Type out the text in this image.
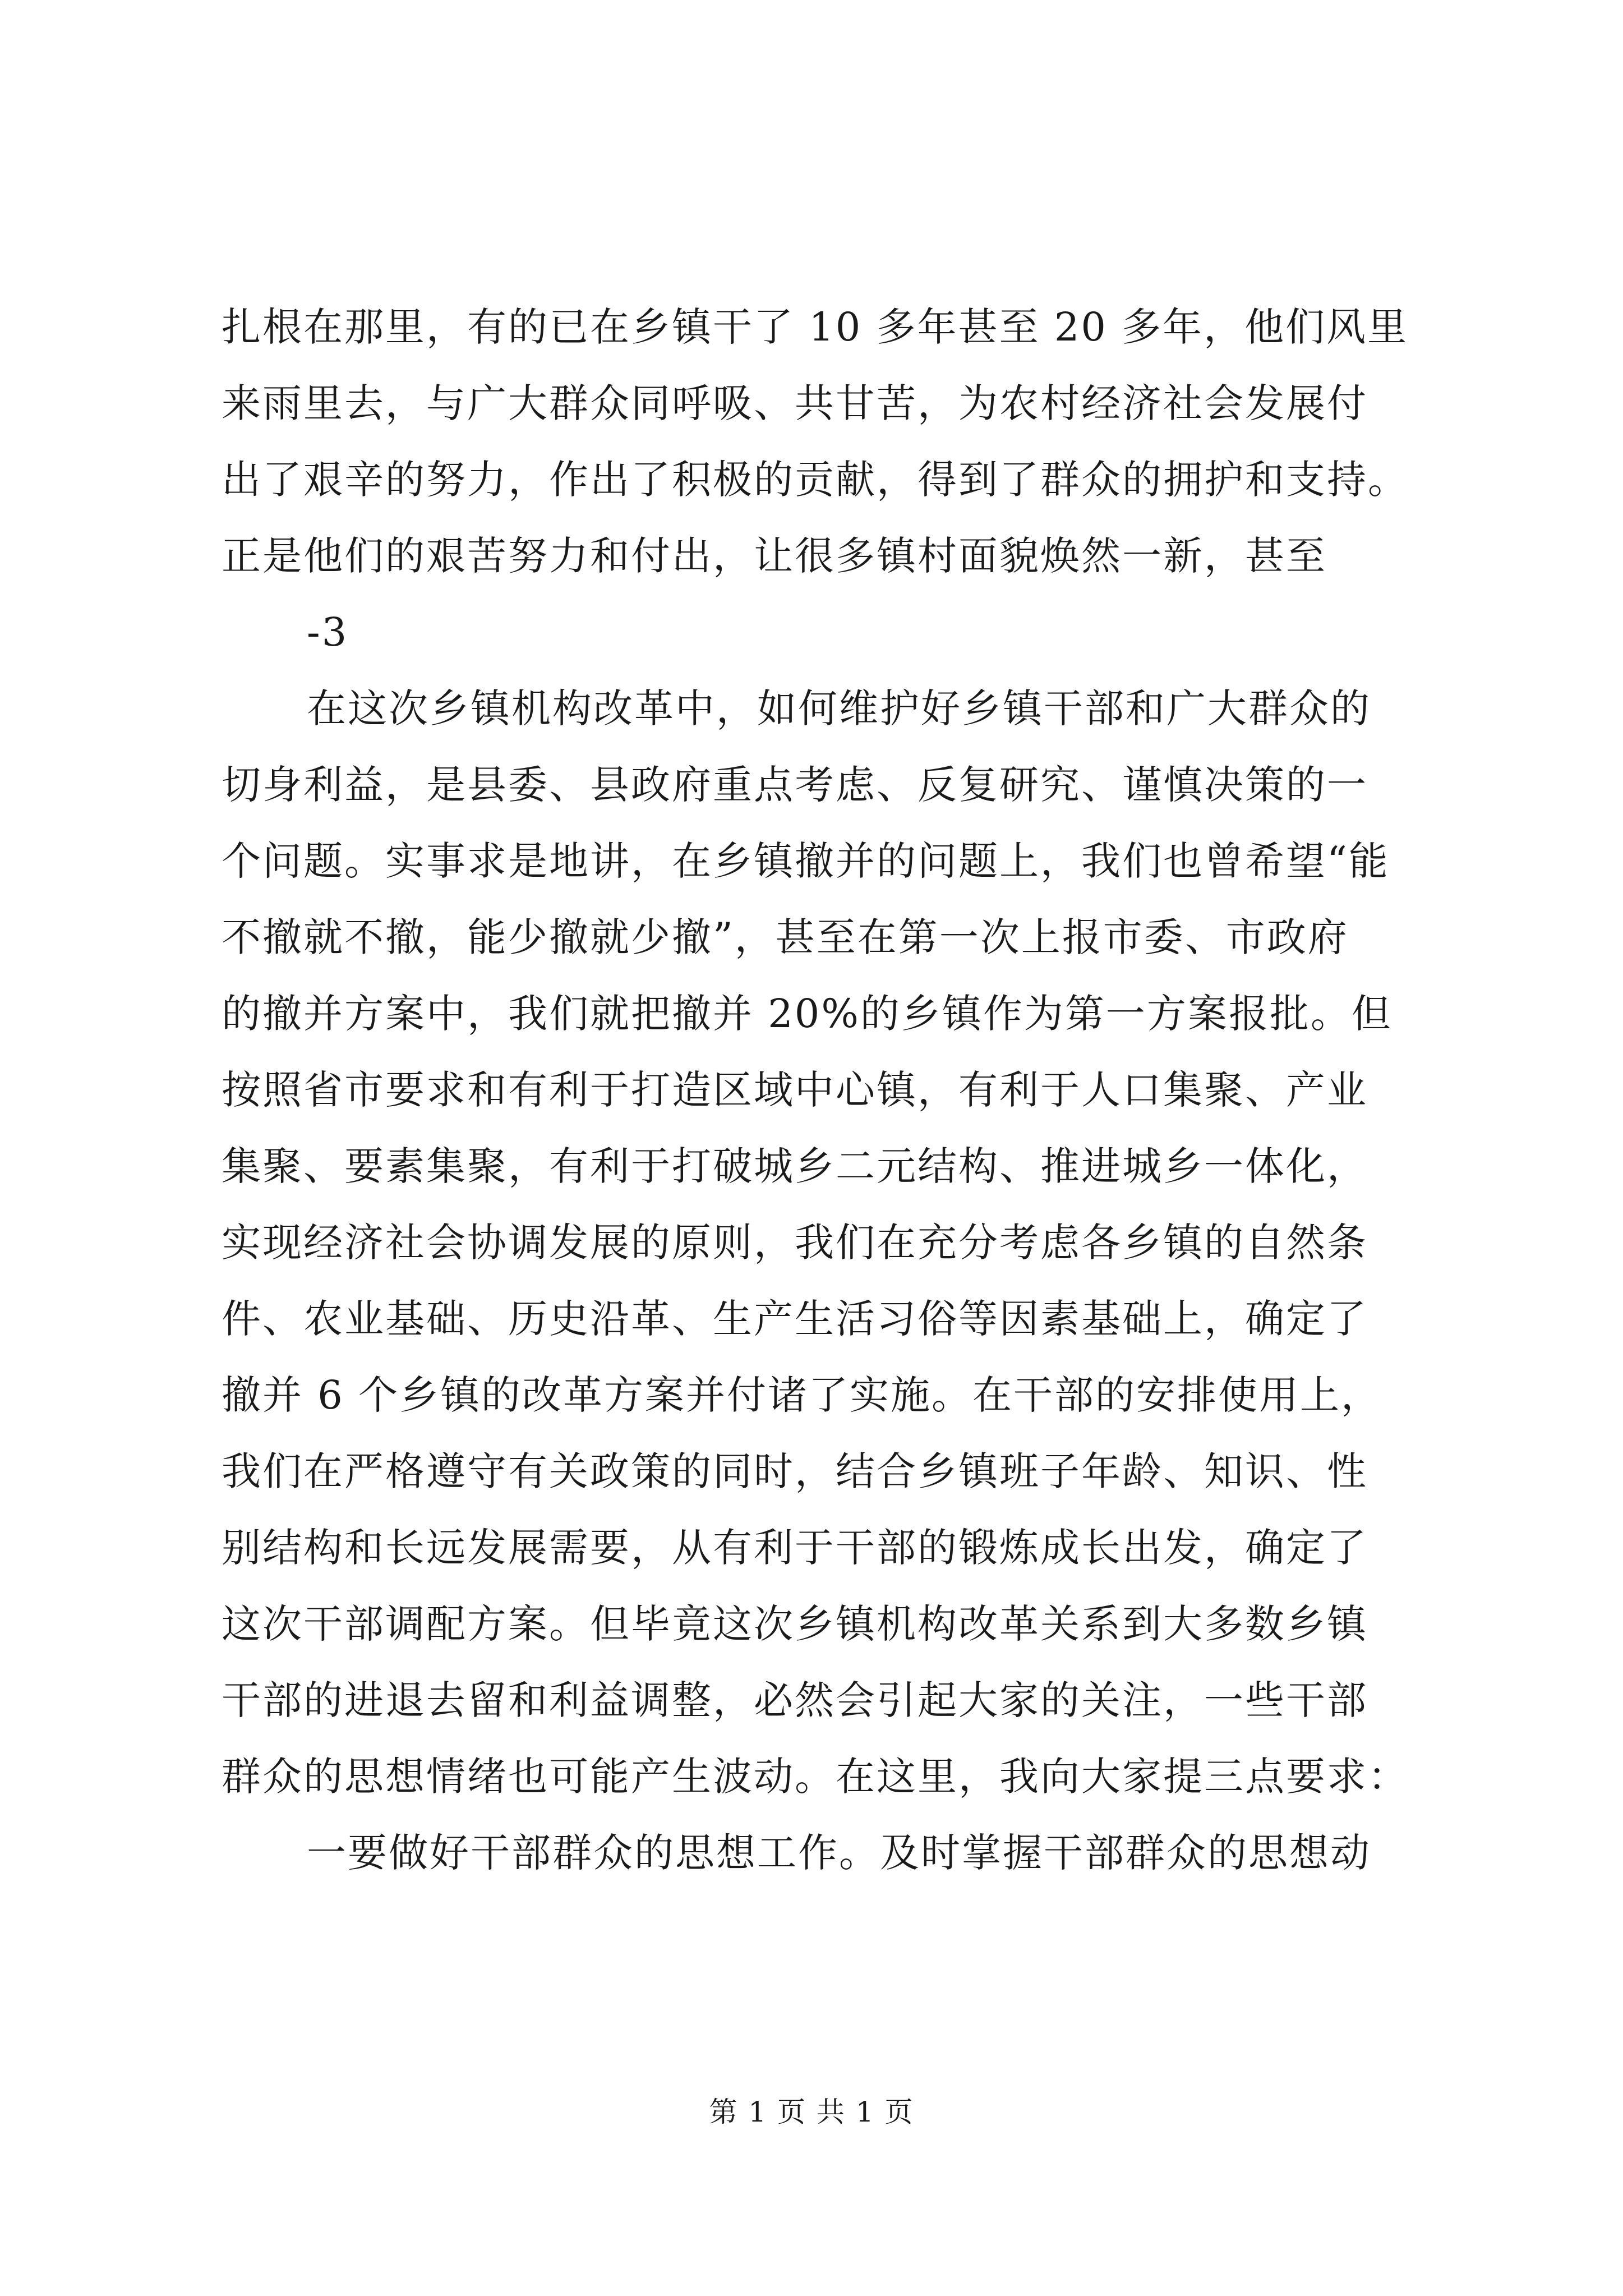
扎根在那里，有的已在乡镇干了 10 多年甚至 20 多年，他们风里
来雨里去，与广大群众同呼吸、共甘苦，为农村经济社会发展付
出了艰辛的努力，作出了积极的贡献，得到了群众的拥护和支持。
正是他们的艰苦努力和付出，让很多镇村面貌焕然一新，甚至
-3
在这次乡镇机构改革中，如何维护好乡镇干部和广大群众的
切身利益，是县委、县政府重点考虑、反复研究、谨慎决策的一
个问题。实事求是地讲，在乡镇撤并的问题上，我们也曾希望“能
不撤就不撤，能少撤就少撤”，甚至在第一次上报市委、市政府
的撤并方案中，我们就把撤并 20%的乡镇作为第一方案报批。但
按照省市要求和有利于打造区域中心镇，有利于人口集聚、产业
集聚、要素集聚，有利于打破城乡二元结构、推进城乡一体化，
实现经济社会协调发展的原则，我们在充分考虑各乡镇的自然条
件、农业基础、历史沿革、生产生活习俗等因素基础上，确定了
撤并 6 个乡镇的改革方案并付诸了实施。在干部的安排使用上，
我们在严格遵守有关政策的同时，结合乡镇班子年龄、知识、性
别结构和长远发展需要，从有利于干部的锻炼成长出发，确定了
这次干部调配方案。但毕竟这次乡镇机构改革关系到大多数乡镇
干部的进退去留和利益调整，必然会引起大家的关注，一些干部
群众的思想情绪也可能产生波动。在这里，我向大家提三点要求：
一要做好干部群众的思想工作。及时掌握干部群众的思想动
第 1 页 共 1 页
